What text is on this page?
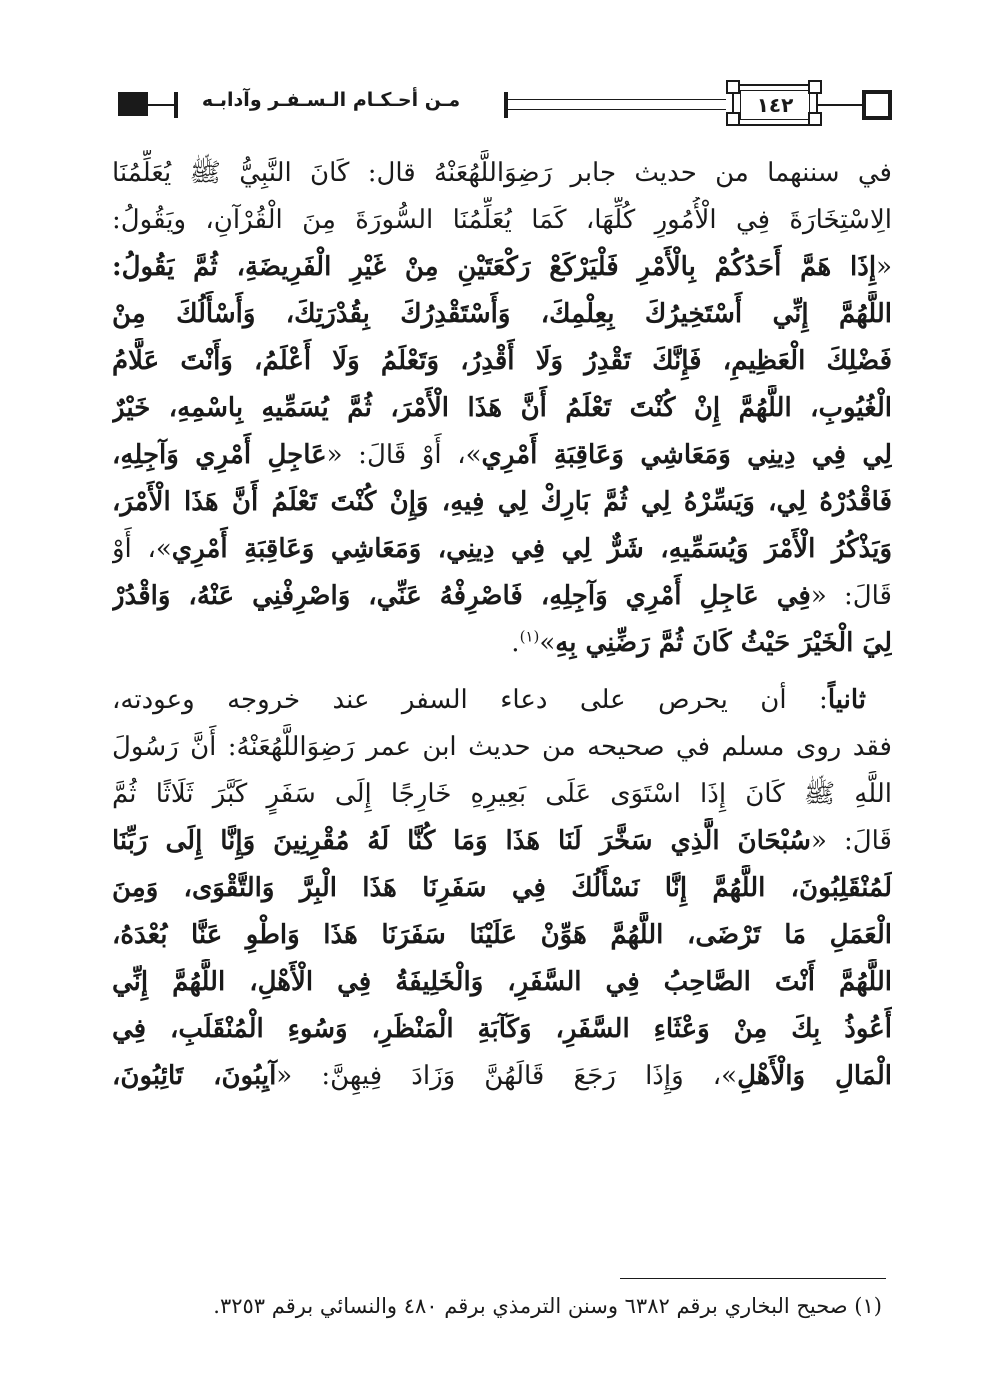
١٤٢
مـن أحـكـام الـسـفـر وآدابـه
في سننهما من حديث جابر رَضِوَاللَّهُعَنْهُ قال: كَانَ النَّبِيُّ ﷺ يُعَلِّمُنَا
الِاسْتِخَارَةَ فِي الْأُمُورِ كُلِّهَا، كَمَا يُعَلِّمُنَا السُّورَةَ مِنَ الْقُرْآنِ، ويَقُولُ:
«إِذَا هَمَّ أَحَدُكُمْ بِالْأَمْرِ فَلْيَرْكَعْ رَكْعَتَيْنِ مِنْ غَيْرِ الْفَرِيضَةِ، ثُمَّ يَقُولُ:
اللَّهُمَّ إِنِّي أَسْتَخِيرُكَ بِعِلْمِكَ، وَأَسْتَقْدِرُكَ بِقُدْرَتِكَ، وَأَسْأَلُكَ مِنْ
فَضْلِكَ الْعَظِيمِ، فَإِنَّكَ تَقْدِرُ وَلَا أَقْدِرُ، وَتَعْلَمُ وَلَا أَعْلَمُ، وَأَنْتَ عَلَّامُ
الْغُيُوبِ، اللَّهُمَّ إِنْ كُنْتَ تَعْلَمُ أَنَّ هَذَا الْأَمْرَ، ثُمَّ يُسَمِّيهِ بِاسْمِهِ، خَيْرٌ
لِي فِي دِينِي وَمَعَاشِي وَعَاقِبَةِ أَمْرِي»، أَوْ قَالَ: «عَاجِلِ أَمْرِي وَآجِلِهِ،
فَاقْدُرْهُ لِي، وَيَسِّرْهُ لِي ثُمَّ بَارِكْ لِي فِيهِ، وَإِنْ كُنْتَ تَعْلَمُ أَنَّ هَذَا الْأَمْرَ،
وَيَذْكُرُ الْأَمْرَ وَيُسَمِّيهِ، شَرٌّ لِي فِي دِينِي، وَمَعَاشِي وَعَاقِبَةِ أَمْرِي»، أَوْ
قَالَ: «فِي عَاجِلِ أَمْرِي وَآجِلِهِ، فَاصْرِفْهُ عَنِّي، وَاصْرِفْنِي عَنْهُ، وَاقْدُرْ
لِيَ الْخَيْرَ حَيْثُ كَانَ ثُمَّ رَضِّنِي بِهِ»$^{(١)}$.
 ثانياً: أن يحرص على دعاء السفر عند خروجه وعودته،
فقد روى مسلم في صحيحه من حديث ابن عمر رَضِوَاللَّهُعَنْهُ: أَنَّ رَسُولَ
اللَّهِ ﷺ كَانَ إِذَا اسْتَوَى عَلَى بَعِيرِهِ خَارِجًا إِلَى سَفَرٍ كَبَّرَ ثَلَاثًا ثُمَّ
قَالَ: «سُبْحَانَ الَّذِي سَخَّرَ لَنَا هَذَا وَمَا كُنَّا لَهُ مُقْرِنِينَ وَإِنَّا إِلَى رَبِّنَا
لَمُنْقَلِبُونَ، اللَّهُمَّ إِنَّا نَسْأَلُكَ فِي سَفَرِنَا هَذَا الْبِرَّ وَالتَّقْوَى، وَمِنَ
الْعَمَلِ مَا تَرْضَى، اللَّهُمَّ هَوِّنْ عَلَيْنَا سَفَرَنَا هَذَا وَاطْوِ عَنَّا بُعْدَهُ،
اللَّهُمَّ أَنْتَ الصَّاحِبُ فِي السَّفَرِ، وَالْخَلِيفَةُ فِي الْأَهْلِ، اللَّهُمَّ إِنِّي
أَعُوذُ بِكَ مِنْ وَعْثَاءِ السَّفَرِ، وَكَآبَةِ الْمَنْظَرِ، وَسُوءِ الْمُنْقَلَبِ، فِي
الْمَالِ وَالْأَهْلِ»، وَإِذَا رَجَعَ قَالَهُنَّ وَزَادَ فِيهِنَّ: «آيِبُونَ، تَائِبُونَ،
(١) صحيح البخاري برقم ٦٣٨٢ وسنن الترمذي برقم ٤٨٠ والنسائي برقم ٣٢٥٣.
